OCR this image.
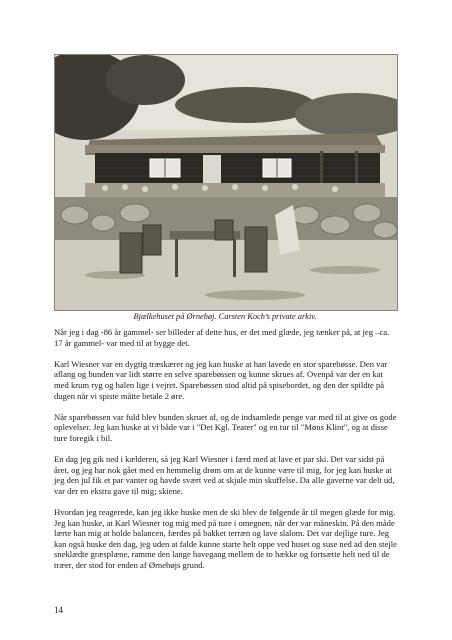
Bjælkehuset på Ørnehøj. Carsten Koch’s private arkiv.

Når jeg i dag -86 år gammel- ser billeder af dette hus, er det med glæde, jeg tænker på, at jeg –ca. 17 år gammel- var med til at bygge det.

Karl Wiesner var en dygtig træskærer og jeg kan huske at han lavede en stor sparebøsse. Den var aflang og bunden var lidt større en selve sparebøssen og kunne skrues af. Ovenpå var der en kat med krum ryg og halen lige i vejret. Sparebøssen stod altid på spisebordet, og den der spildte på dugen når vi spiste måtte betale 2 øre.

Når sparebøssen var fuld blev bunden skruet af, og de indsamlede penge var med til at give os gode oplevelser. Jeg kan huske at vi både var i "Det Kgl. Teater" og en tur til "Møns Klint", og at disse ture foregik i bil.

En dag jeg gik ned i kælderen, så jeg Karl Wiesner i færd med at lave et par ski. Det var sidst på året, og jeg har nok gået med en hemmelig drøm om at de kunne være til mig, for jeg kan huske at jeg den jul fik et par vanter og havde svært ved at skjule min skuffelse. Da alle gaverne var delt ud, var der en ekstra gave til mig; skiene.

Hvordan jeg reagerede, kan jeg ikke huske men de ski blev de følgende år til megen glæde for mig. Jeg kan huske, at Karl Wiesner tog mig med på ture i omegnen, når der var måneskin. På den måde lærte han mig at holde balancen, færdes på bakket terræn og lave slalom. Det var dejlige ture. Jeg kan også huske den dag, jeg uden at falde kunne starte helt oppe ved huset og suse ned ad den stejle snekl​ædte græsplæne, ramme den lange havegang mellem de to hække og fortsætte helt ned til de træer, der stod for enden af Ørnehøjs grund.

14
